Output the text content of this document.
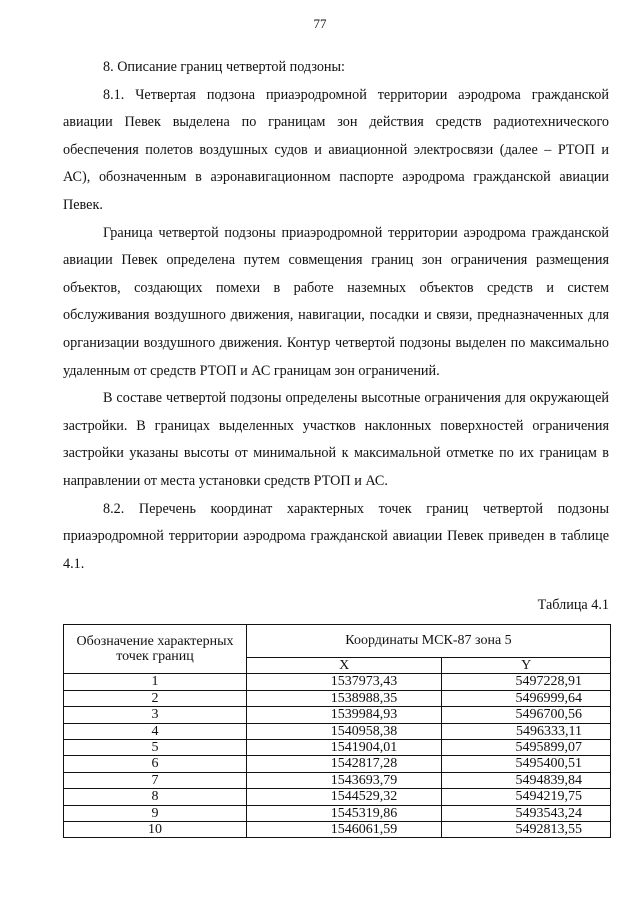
77

8. Описание границ четвертой подзоны:

8.1. Четвертая подзона приаэродромной территории аэродрома гражданской авиации Певек выделена по границам зон действия средств радиотехнического обеспечения полетов воздушных судов и авиационной электросвязи (далее – РТОП и АС), обозначенным в аэронавигационном паспорте аэродрома гражданской авиации Певек.

Граница четвертой подзоны приаэродромной территории аэродрома гражданской авиации Певек определена путем совмещения границ зон ограничения размещения объектов, создающих помехи в работе наземных объектов средств и систем обслуживания воздушного движения, навигации, посадки и связи, предназначенных для организации воздушного движения. Контур четвертой подзоны выделен по максимально удаленным от средств РТОП и АС границам зон ограничений.

В составе четвертой подзоны определены высотные ограничения для окружающей застройки. В границах выделенных участков наклонных поверхностей ограничения застройки указаны высоты от минимальной к максимальной отметке по их границам в направлении от места установки средств РТОП и АС.

8.2. Перечень координат характерных точек границ четвертой подзоны приаэродромной территории аэродрома гражданской авиации Певек приведен в таблице 4.1.

Таблица 4.1
Обозначение характерных точек границ	Координаты МСК-87 зона 5	
	X	Y
1	1537973,43	5497228,91
2	1538988,35	5496999,64
3	1539984,93	5496700,56
4	1540958,38	5496333,11
5	1541904,01	5495899,07
6	1542817,28	5495400,51
7	1543693,79	5494839,84
8	1544529,32	5494219,75
9	1545319,86	5493543,24
10	1546061,59	5492813,55
